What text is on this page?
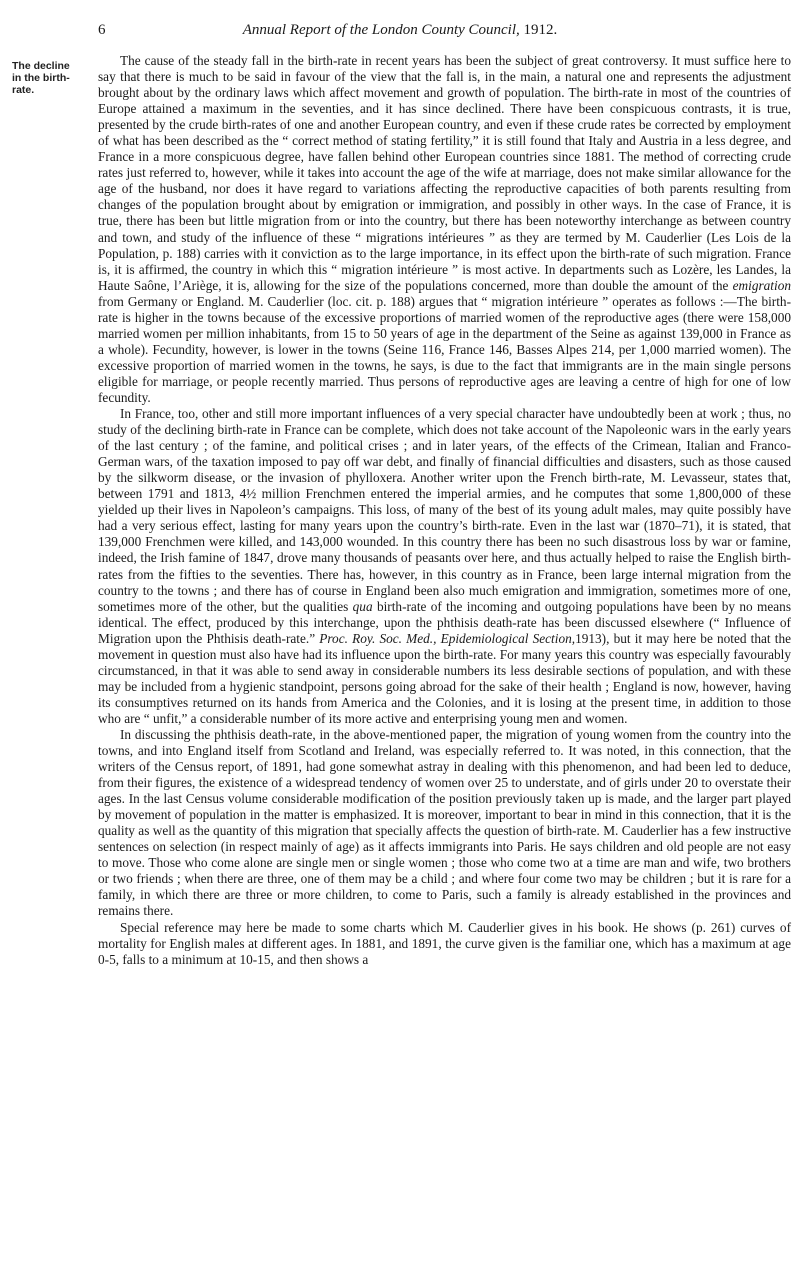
6	Annual Report of the London County Council, 1912.
The decline in the birth-rate.

The cause of the steady fall in the birth-rate in recent years has been the subject of great controversy. It must suffice here to say that there is much to be said in favour of the view that the fall is, in the main, a natural one and represents the adjustment brought about by the ordinary laws which affect movement and growth of population. The birth-rate in most of the countries of Europe attained a maximum in the seventies, and it has since declined. There have been conspicuous contrasts, it is true, presented by the crude birth-rates of one and another European country, and even if these crude rates be corrected by employment of what has been described as the “ correct method of stating fertility,” it is still found that Italy and Austria in a less degree, and France in a more conspicuous degree, have fallen behind other European countries since 1881. The method of correcting crude rates just referred to, however, while it takes into account the age of the wife at marriage, does not make similar allowance for the age of the husband, nor does it have regard to variations affecting the reproductive capacities of both parents resulting from changes of the population brought about by emigration or immigration, and possibly in other ways. In the case of France, it is true, there has been but little migration from or into the country, but there has been noteworthy interchange as between country and town, and study of the influence of these “ migrations intérieures ” as they are termed by M. Cauderlier (Les Lois de la Population, p. 188) carries with it conviction as to the large importance, in its effect upon the birth-rate of such migration. France is, it is affirmed, the country in which this “ migration intérieure ” is most active. In departments such as Lozère, les Landes, la Haute Saône, l’Ariège, it is, allowing for the size of the populations concerned, more than double the amount of the emigration from Germany or England. M. Cauderlier (loc. cit. p. 188) argues that “ migration intérieure ” operates as follows :—The birth-rate is higher in the towns because of the excessive proportions of married women of the reproductive ages (there were 158,000 married women per million inhabitants, from 15 to 50 years of age in the department of the Seine as against 139,000 in France as a whole). Fecundity, however, is lower in the towns (Seine 116, France 146, Basses Alpes 214, per 1,000 married women). The excessive proportion of married women in the towns, he says, is due to the fact that immigrants are in the main single persons eligible for marriage, or people recently married. Thus persons of reproductive ages are leaving a centre of high for one of low fecundity.

In France, too, other and still more important influences of a very special character have undoubtedly been at work ; thus, no study of the declining birth-rate in France can be complete, which does not take account of the Napoleonic wars in the early years of the last century ; of the famine, and political crises ; and in later years, of the effects of the Crimean, Italian and Franco-German wars, of the taxation imposed to pay off war debt, and finally of financial difficulties and disasters, such as those caused by the silkworm disease, or the invasion of phylloxera. Another writer upon the French birth-rate, M. Levasseur, states that, between 1791 and 1813, 4½ million Frenchmen entered the imperial armies, and he computes that some 1,800,000 of these yielded up their lives in Napoleon’s campaigns. This loss, of many of the best of its young adult males, may quite possibly have had a very serious effect, lasting for many years upon the country’s birth-rate. Even in the last war (1870–71), it is stated, that 139,000 Frenchmen were killed, and 143,000 wounded. In this country there has been no such disastrous loss by war or famine, indeed, the Irish famine of 1847, drove many thousands of peasants over here, and thus actually helped to raise the English birth-rates from the fifties to the seventies. There has, however, in this country as in France, been large internal migration from the country to the towns ; and there has of course in England been also much emigration and immigration, sometimes more of one, sometimes more of the other, but the qualities qua birth-rate of the incoming and outgoing populations have been by no means identical. The effect, produced by this interchange, upon the phthisis death-rate has been discussed elsewhere (“ Influence of Migration upon the Phthisis death-rate.” Proc. Roy. Soc. Med., Epidemiological Section,1913), but it may here be noted that the movement in question must also have had its influence upon the birth-rate. For many years this country was especially favourably circumstanced, in that it was able to send away in considerable numbers its less desirable sections of population, and with these may be included from a hygienic standpoint, persons going abroad for the sake of their health ; England is now, however, having its consumptives returned on its hands from America and the Colonies, and it is losing at the present time, in addition to those who are “ unfit,” a considerable number of its more active and enterprising young men and women.

In discussing the phthisis death-rate, in the above-mentioned paper, the migration of young women from the country into the towns, and into England itself from Scotland and Ireland, was especially referred to. It was noted, in this connection, that the writers of the Census report, of 1891, had gone somewhat astray in dealing with this phenomenon, and had been led to deduce, from their figures, the existence of a widespread tendency of women over 25 to understate, and of girls under 20 to overstate their ages. In the last Census volume considerable modification of the position previously taken up is made, and the larger part played by movement of population in the matter is emphasized. It is moreover, important to bear in mind in this connection, that it is the quality as well as the quantity of this migration that specially affects the question of birth-rate. M. Cauderlier has a few instructive sentences on selection (in respect mainly of age) as it affects immigrants into Paris. He says children and old people are not easy to move. Those who come alone are single men or single women ; those who come two at a time are man and wife, two brothers or two friends ; when there are three, one of them may be a child ; and where four come two may be children ; but it is rare for a family, in which there are three or more children, to come to Paris, such a family is already established in the provinces and remains there.

Special reference may here be made to some charts which M. Cauderlier gives in his book. He shows (p. 261) curves of mortality for English males at different ages. In 1881, and 1891, the curve given is the familiar one, which has a maximum at age 0-5, falls to a minimum at 10-15, and then shows a
